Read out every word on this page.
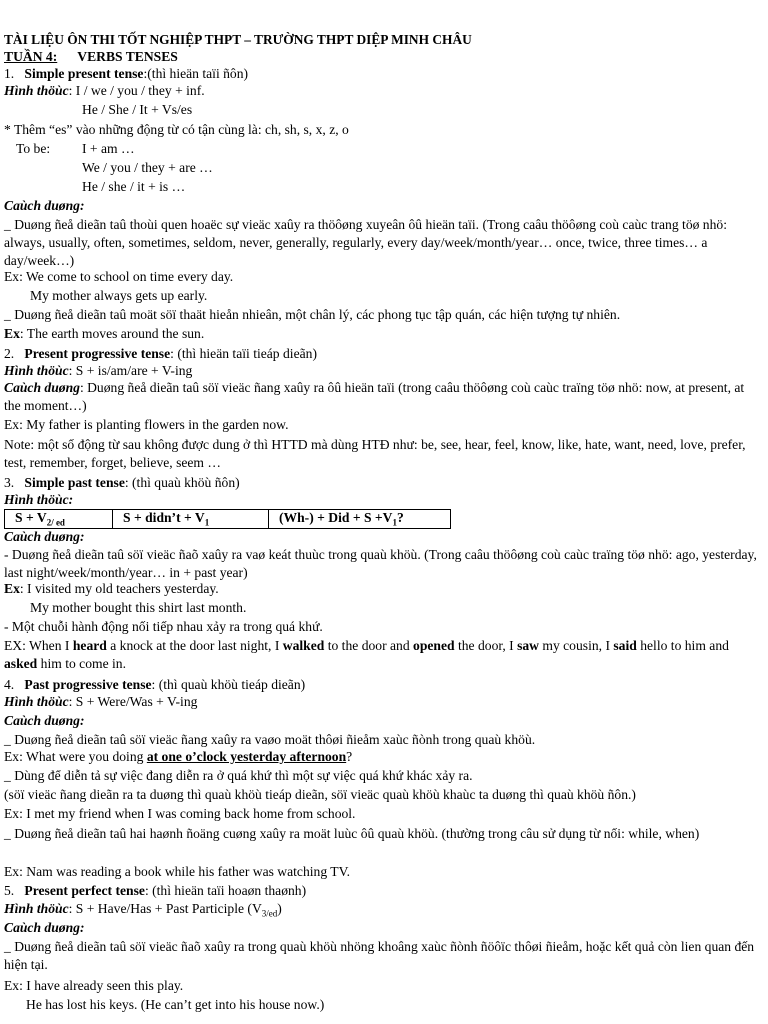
TÀI LIỆU ÔN THI TỐT NGHIỆP THPT – TRƯỜNG THPT DIỆP MINH CHÂU
TUẦN 4: VERBS TENSES
1. Simple present tense:(thì hieän taïi ñôn)
Hình thöùc: I / we / you / they + inf.
He / She / It + Vs/es
* Thêm “es” vào những động từ có tận cùng là: ch, sh, s, x, z, o
To be: I + am …
We / you / they + are …
He / she / it + is …
Caùch duøng:
_ Duøng ñeå dieãn taû thoùi quen hoaëc sự vieäc xaûy ra thöôøng xuyeân ôû hieän taïi. (Trong caâu thöôøng coù caùc trang töø nhö: always, usually, often, sometimes, seldom, never, generally, regularly, every day/week/month/year… once, twice, three times… a day/week…)
Ex: We come to school on time every day.
My mother always gets up early.
_ Duøng ñeå dieãn taû moät söï thaät hieån nhieân, một chân lý, các phong tục tập quán, các hiện tượng tự nhiên.
Ex: The earth moves around the sun.
2. Present progressive tense: (thì hieän taïi tieáp dieãn)
Hình thöùc: S + is/am/are + V-ing
Caùch duøng: Duøng ñeå dieãn taû söï vieäc ñang xaûy ra ôû hieän taïi (trong caâu thöôøng coù caùc traïng töø nhö: now, at present, at the moment…)
Ex: My father is planting flowers in the garden now.
Note: một số động từ sau không được dung ở thì HTTD mà dùng HTĐ như: be, see, hear, feel, know, like, hate, want, need, love, prefer, test, remember, forget, believe, seem …
3. Simple past tense: (thì quaù khöù ñôn)
Hình thöùc:
$S + V_{2/ ed}$	S + didn’t + $V_1$	(Wh-) + Did + $S +V_1$?
Caùch duøng:
- Duøng ñeå dieãn taû söï vieäc ñaõ xaûy ra vaø keát thuùc trong quaù khöù. (Trong caâu thöôøng coù caùc traïng töø nhö: ago, yesterday, last night/week/month/year… in + past year)
Ex: I visited my old teachers yesterday.
My mother bought this shirt last month.
- Một chuỗi hành động nối tiếp nhau xảy ra trong quá khứ.
EX: When I heard a knock at the door last night, I walked to the door and opened the door, I saw my cousin, I said hello to him and asked him to come in.
4. Past progressive tense: (thì quaù khöù tieáp dieãn)
Hình thöùc: S + Were/Was + V-ing
Caùch duøng:
_ Duøng ñeå dieãn taû söï vieäc ñang xaûy ra vaøo moät thôøi ñieåm xaùc ñònh trong quaù khöù.
Ex: What were you doing at one o’clock yesterday afternoon?
_ Dùng để diễn tả sự việc đang diễn ra ở quá khứ thì một sự việc quá khứ khác xảy ra.
(söï vieäc ñang dieãn ra ta duøng thì quaù khöù tieáp dieãn, söï vieäc quaù khöù khaùc ta duøng thì quaù khöù ñôn.)
Ex: I met my friend when I was coming back home from school.
_ Duøng ñeå dieãn taû hai haønh ñoäng cuøng xaûy ra moät luùc ôû quaù khöù. (thường trong câu sử dụng từ nối: while, when)
Ex: Nam was reading a book while his father was watching TV.
5. Present perfect tense: (thì hieän taïi hoaøn thaønh)
Hình thöùc: S + Have/Has + Past Participle $(V_{3/ed})$
Caùch duøng:
_ Duøng ñeå dieãn taû söï vieäc ñaõ xaûy ra trong quaù khöù nhöng khoâng xaùc ñònh ñöôïc thôøi ñieåm, hoặc kết quả còn lien quan đến hiện tại.
Ex: I have already seen this play.
He has lost his keys. (He can’t get into his house now.)
